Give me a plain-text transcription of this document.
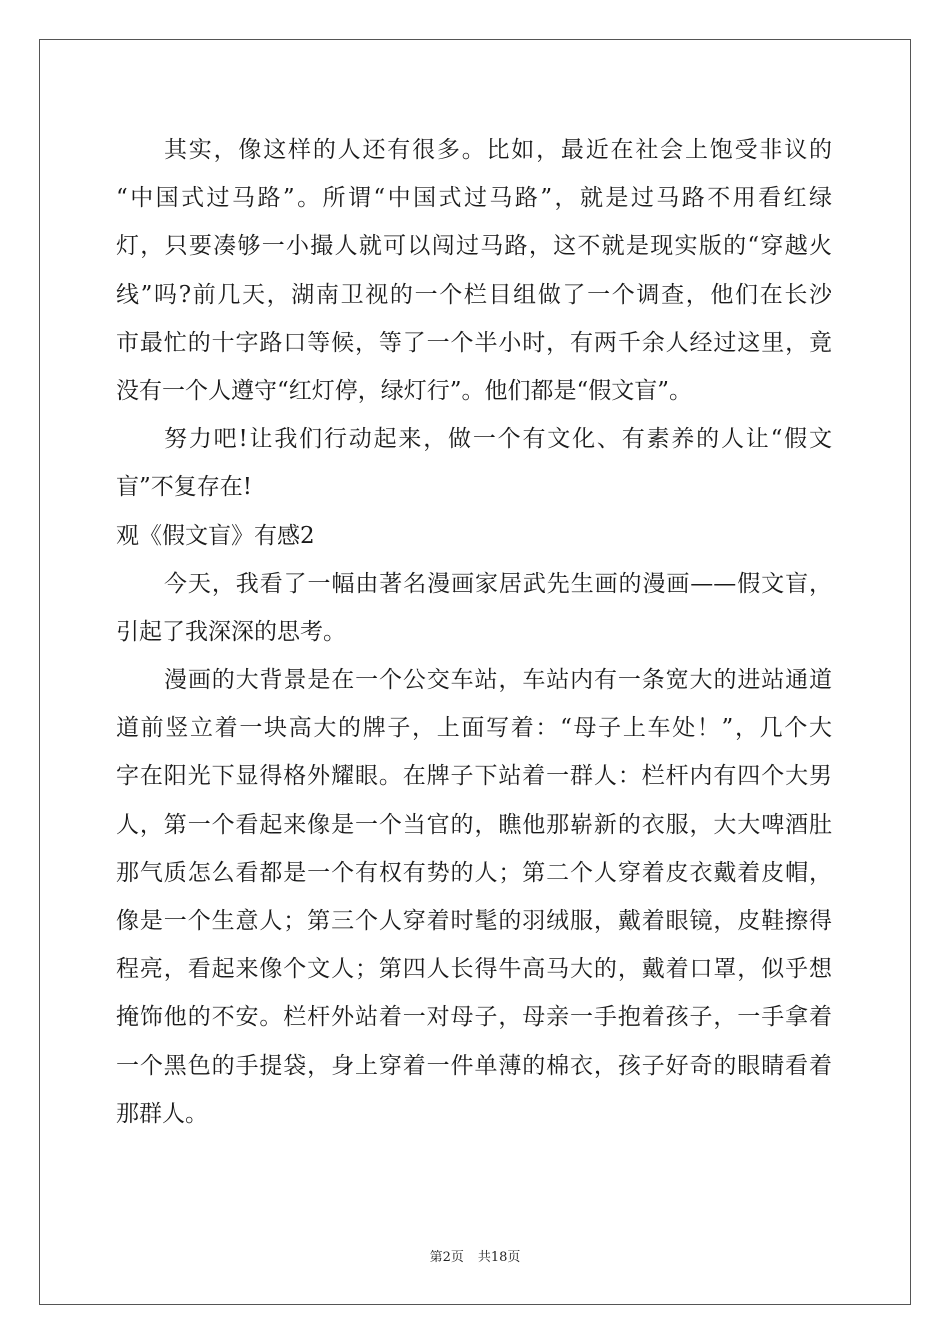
其实，像这样的人还有很多。比如，最近在社会上饱受非议的
“中国式过马路”。所谓“中国式过马路”，就是过马路不用看红绿
灯，只要凑够一小撮人就可以闯过马路，这不就是现实版的“穿越火
线”吗?前几天，湖南卫视的一个栏目组做了一个调查，他们在长沙
市最忙的十字路口等候，等了一个半小时，有两千余人经过这里，竟
没有一个人遵守“红灯停，绿灯行”。他们都是“假文盲”。
努力吧!让我们行动起来，做一个有文化、有素养的人让“假文
盲”不复存在!
观《假文盲》有感2
今天，我看了一幅由著名漫画家居武先生画的漫画——假文盲，
引起了我深深的思考。
漫画的大背景是在一个公交车站，车站内有一条宽大的进站通道
道前竖立着一块高大的牌子，上面写着：“母子上车处！”，几个大
字在阳光下显得格外耀眼。在牌子下站着一群人：栏杆内有四个大男
人，第一个看起来像是一个当官的，瞧他那崭新的衣服，大大啤酒肚
那气质怎么看都是一个有权有势的人；第二个人穿着皮衣戴着皮帽，
像是一个生意人；第三个人穿着时髦的羽绒服，戴着眼镜，皮鞋擦得
程亮，看起来像个文人；第四人长得牛高马大的，戴着口罩，似乎想
掩饰他的不安。栏杆外站着一对母子，母亲一手抱着孩子，一手拿着
一个黑色的手提袋，身上穿着一件单薄的棉衣，孩子好奇的眼睛看着
那群人。
第2页 共18页
